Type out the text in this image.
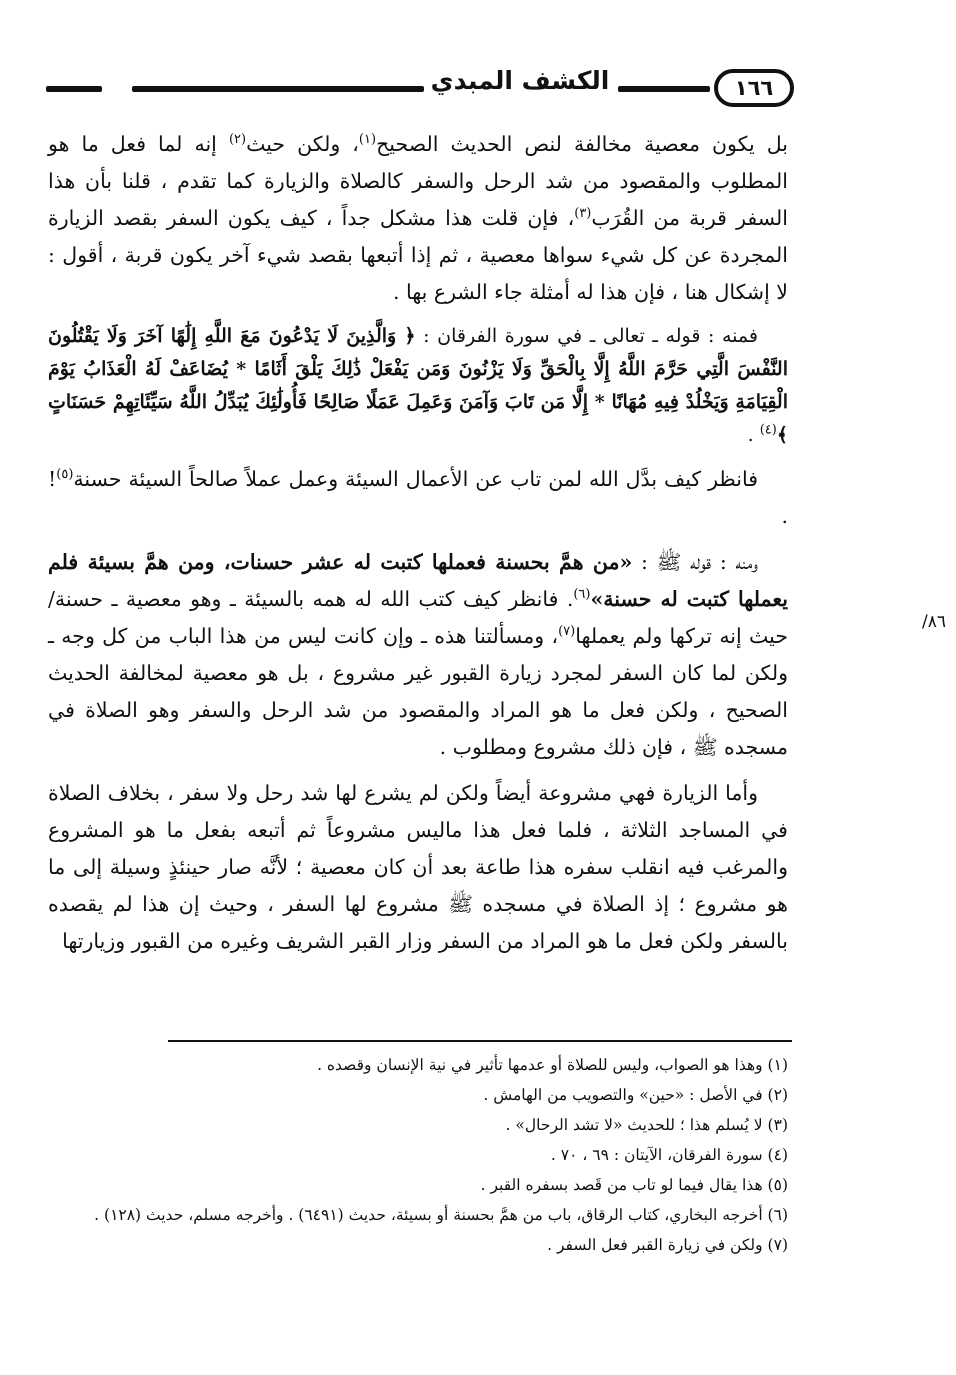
١٦٦
الكشف المبدي
٨٦/

بل يكون معصية مخالفة لنص الحديث الصحيح$^{(١)}$، ولكن حيث$^{(٢)}$ إنه لما فعل ما هو المطلوب والمقصود من شد الرحل والسفر كالصلاة والزيارة كما تقدم ، قلنا بأن هذا السفر قربة من القُرَب$^{(٣)}$، فإن قلت هذا مشكل جداً ، كيف يكون السفر بقصد الزيارة المجردة عن كل شيء سواها معصية ، ثم إذا أتبعها بقصد شيء آخر يكون قربة ، أقول : لا إشكال هنا ، فإن هذا له أمثلة جاء الشرع بها .

فمنه : قوله ـ تعالى ـ في سورة الفرقان : ﴿ وَالَّذِينَ لَا يَدْعُونَ مَعَ اللَّهِ إِلَٰهًا آخَرَ وَلَا يَقْتُلُونَ النَّفْسَ الَّتِي حَرَّمَ اللَّهُ إِلَّا بِالْحَقِّ وَلَا يَزْنُونَ وَمَن يَفْعَلْ ذَٰلِكَ يَلْقَ أَثَامًا * يُضَاعَفْ لَهُ الْعَذَابُ يَوْمَ الْقِيَامَةِ وَيَخْلُدْ فِيهِ مُهَانًا * إِلَّا مَن تَابَ وَآمَنَ وَعَمِلَ عَمَلًا صَالِحًا فَأُولَٰئِكَ يُبَدِّلُ اللَّهُ سَيِّئَاتِهِمْ حَسَنَاتٍ ﴾$^{(٤)}$ .

فانظر كيف بدَّل الله لمن تاب عن الأعمال السيئة وعمل عملاً صالحاً السيئة حسنة$^{(٥)}$! .

ومنه : قوله ﷺ : «من همَّ بحسنة فعملها كتبت له عشر حسنات، ومن همَّ بسيئة فلم يعملها كتبت له حسنة»$^{(٦)}$. فانظر كيف كتب الله له همه بالسيئة ـ وهو معصية ـ حسنة/ حيث إنه تركها ولم يعملها$^{(٧)}$، ومسألتنا هذه ـ وإن كانت ليس من هذا الباب من كل وجه ـ ولكن لما كان السفر لمجرد زيارة القبور غير مشروع ، بل هو معصية لمخالفة الحديث الصحيح ، ولكن فعل ما هو المراد والمقصود من شد الرحل والسفر وهو الصلاة في مسجده ﷺ ، فإن ذلك مشروع ومطلوب .

وأما الزيارة فهي مشروعة أيضاً ولكن لم يشرع لها شد رحل ولا سفر ، بخلاف الصلاة في المساجد الثلاثة ، فلما فعل هذا ماليس مشروعاً ثم أتبعه بفعل ما هو المشروع والمرغب فيه انقلب سفره هذا طاعة بعد أن كان معصية ؛ لأنَّه صار حينئذٍ وسيلة إلى ما هو مشروع ؛ إذ الصلاة في مسجده ﷺ مشروع لها السفر ، وحيث إن هذا لم يقصده بالسفر ولكن فعل ما هو المراد من السفر وزار القبر الشريف وغيره من القبور وزيارتها

(١) وهذا هو الصواب، وليس للصلاة أو عدمها تأثير في نية الإنسان وقصده .
(٢) في الأصل : «حين» والتصويب من الهامش .
(٣) لا يُسلم هذا ؛ للحديث «لا تشد الرحال» .
(٤) سورة الفرقان، الآيتان : ٦٩ ، ٧٠ .
(٥) هذا يقال فيما لو تاب من قَصد بسفره القبر .
(٦) أخرجه البخاري، كتاب الرقاق، باب من همَّ بحسنة أو بسيئة، حديث (٦٤٩١) . وأخرجه مسلم، حديث (١٢٨) .
(٧) ولكن في زيارة القبر فعل السفر .
